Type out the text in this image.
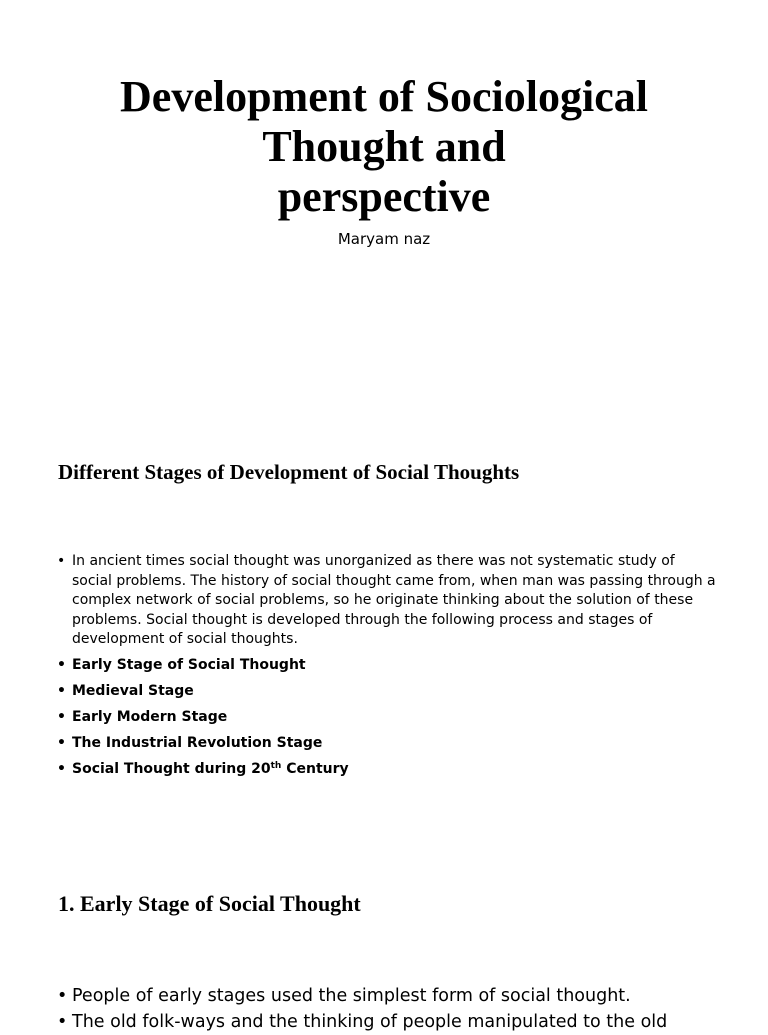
Development of Sociological
Thought and
perspective
Maryam naz
Different Stages of Development of Social Thoughts
• In ancient times social thought was unorganized as there was not systematic study of social problems. The history of social thought came from, when man was passing through a complex network of social problems, so he originate thinking about the solution of these problems. Social thought is developed through the following process and stages of development of social thoughts.
• Early Stage of Social Thought
• Medieval Stage
• Early Modern Stage
• The Industrial Revolution Stage
• Social Thought during 20th Century
1. Early Stage of Social Thought
• People of early stages used the simplest form of social thought.
• The old folk-ways and the thinking of people manipulated to the old
